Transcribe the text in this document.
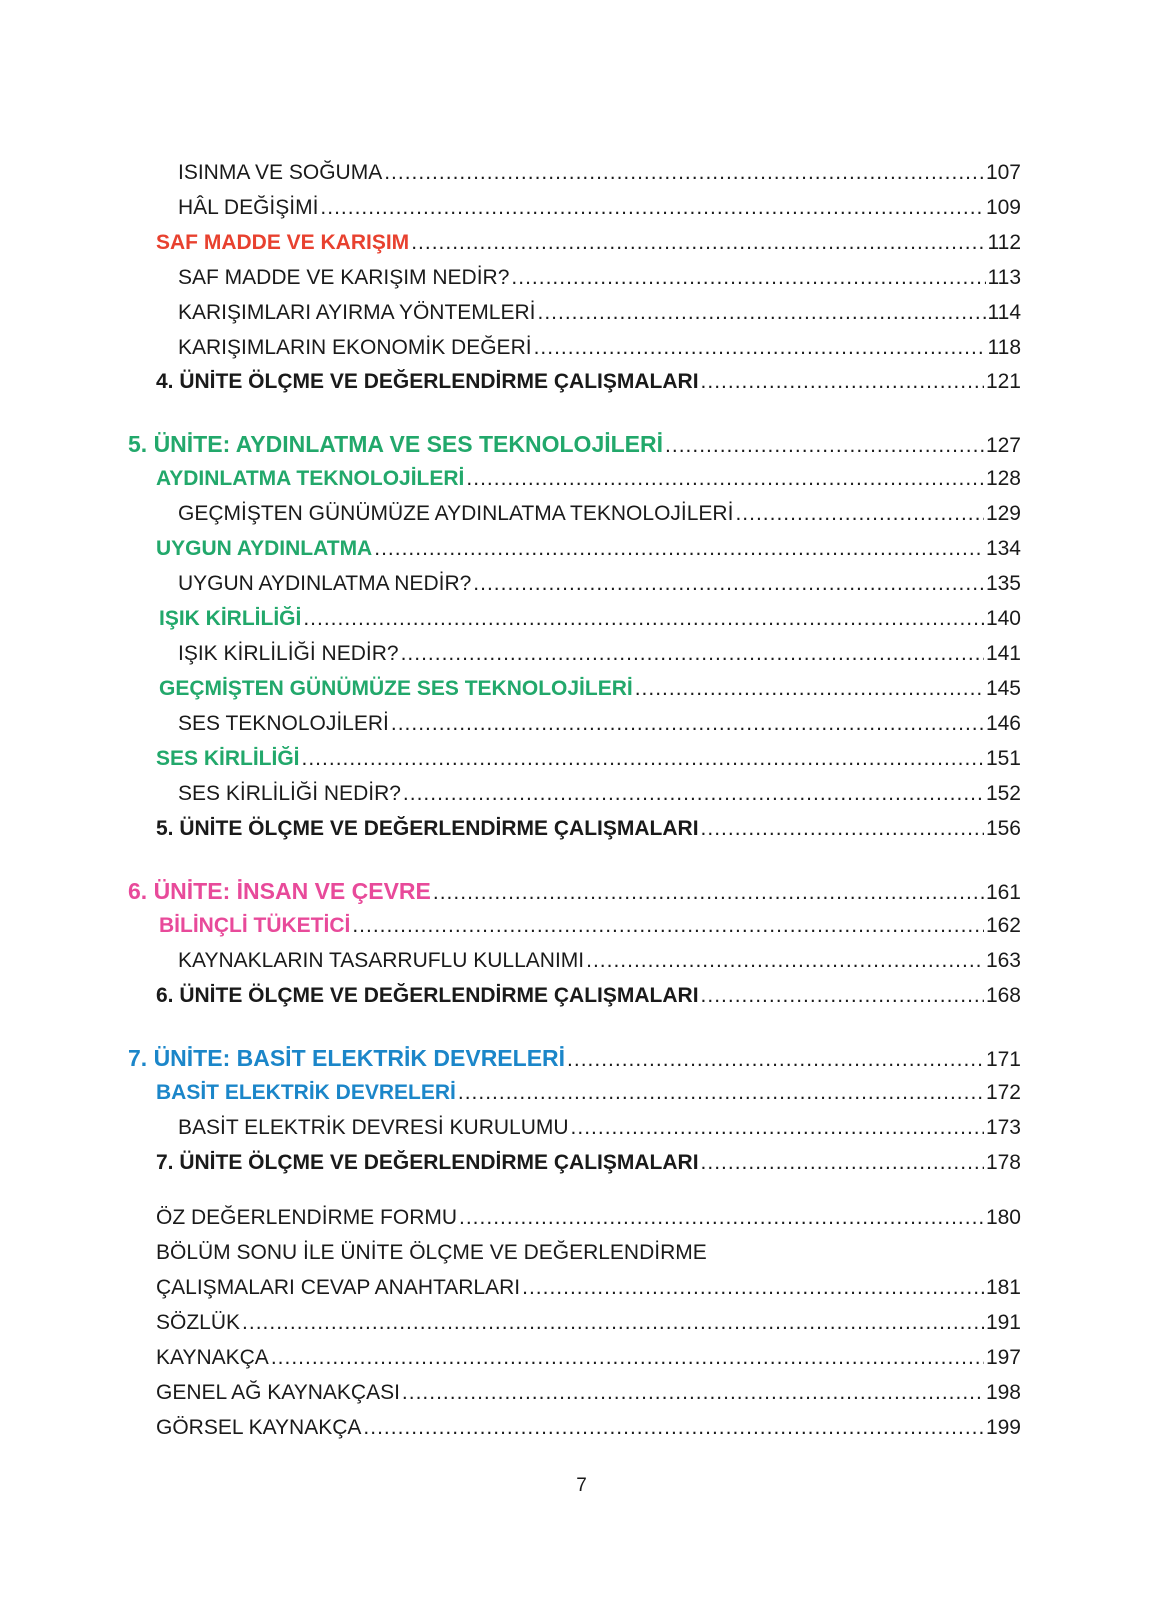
ISINMA VE SOĞUMA .....	107
HÂL DEĞİŞİMİ .....	109
SAF MADDE VE KARIŞIM .....	112
SAF MADDE VE KARIŞIM NEDİR? .....	113
KARIŞIMLARI AYIRMA YÖNTEMLERİ .....	114
KARIŞIMLARIN EKONOMİK DEĞERİ .....	118
4. ÜNİTE ÖLÇME VE DEĞERLENDİRME ÇALIŞMALARI .....	121
5. ÜNİTE: AYDINLATMA VE SES TEKNOLOJİLERİ .....	127
AYDINLATMA TEKNOLOJİLERİ .....	128
GEÇMİŞTEN GÜNÜMÜZE AYDINLATMA TEKNOLOJİLERİ .....	129
UYGUN AYDINLATMA .....	134
UYGUN AYDINLATMA NEDİR? .....	135
IŞIK KİRLİLİĞİ .....	140
IŞIK KİRLİLİĞİ NEDİR? .....	141
GEÇMİŞTEN GÜNÜMÜZE SES TEKNOLOJİLERİ .....	145
SES TEKNOLOJİLERİ .....	146
SES KİRLİLİĞİ .....	151
SES KİRLİLİĞİ NEDİR? .....	152
5. ÜNİTE ÖLÇME VE DEĞERLENDİRME ÇALIŞMALARI .....	156
6. ÜNİTE: İNSAN VE ÇEVRE .....	161
BİLİNÇLİ TÜKETİCİ .....	162
KAYNAKLARIN TASARRUFLU KULLANIMI .....	163
6. ÜNİTE ÖLÇME VE DEĞERLENDİRME ÇALIŞMALARI .....	168
7. ÜNİTE: BASİT ELEKTRİK DEVRELERİ .....	171
BASİT ELEKTRİK DEVRELERİ .....	172
BASİT ELEKTRİK DEVRESİ KURULUMU .....	173
7. ÜNİTE ÖLÇME VE DEĞERLENDİRME ÇALIŞMALARI .....	178
ÖZ DEĞERLENDİRME FORMU .....	180
BÖLÜM SONU İLE ÜNİTE ÖLÇME VE DEĞERLENDİRME
ÇALIŞMALARI CEVAP ANAHTARLARI .....	181
SÖZLÜK .....	191
KAYNAKÇA .....	197
GENEL AĞ KAYNAKÇASI .....	198
GÖRSEL KAYNAKÇA .....	199
7
